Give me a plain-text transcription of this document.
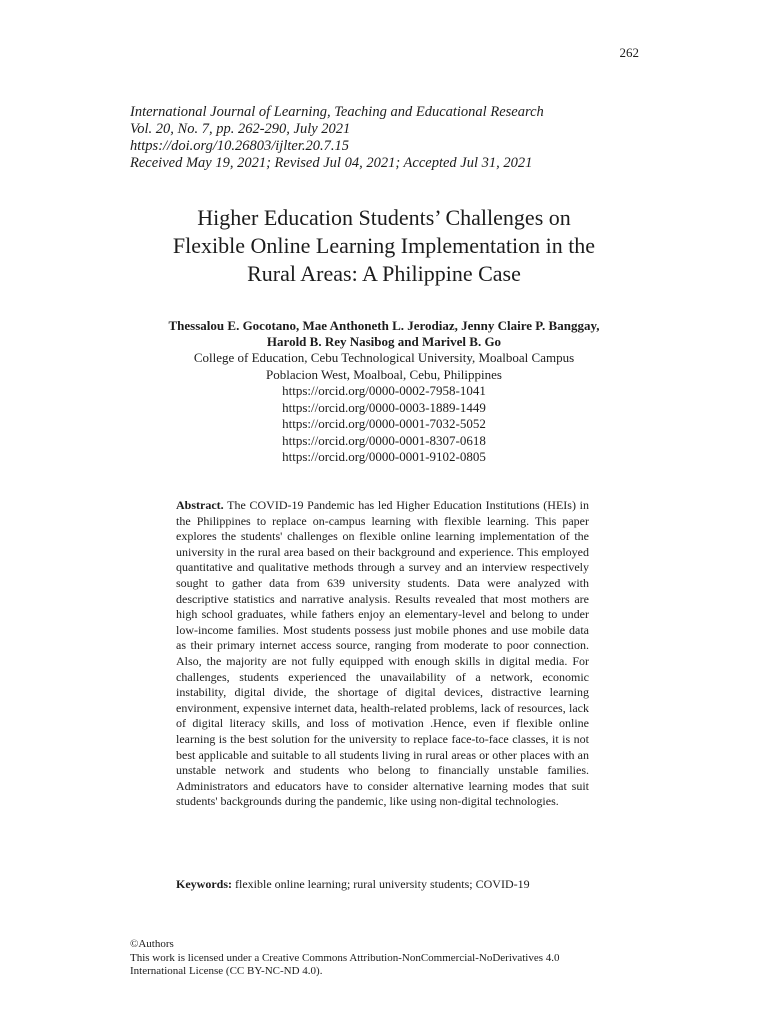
262
International Journal of Learning, Teaching and Educational Research
Vol. 20, No. 7, pp. 262-290, July 2021
https://doi.org/10.26803/ijlter.20.7.15
Received May 19, 2021; Revised Jul 04, 2021; Accepted Jul 31, 2021
Higher Education Students’ Challenges on
Flexible Online Learning Implementation in the
Rural Areas: A Philippine Case
Thessalou E. Gocotano, Mae Anthoneth L. Jerodiaz, Jenny Claire P. Banggay,
Harold B. Rey Nasibog and Marivel B. Go
College of Education, Cebu Technological University, Moalboal Campus
Poblacion West, Moalboal, Cebu, Philippines
https://orcid.org/0000-0002-7958-1041
https://orcid.org/0000-0003-1889-1449
https://orcid.org/0000-0001-7032-5052
https://orcid.org/0000-0001-8307-0618
https://orcid.org/0000-0001-9102-0805
Abstract. The COVID-19 Pandemic has led Higher Education Institutions (HEIs) in the Philippines to replace on-campus learning with flexible learning. This paper explores the students' challenges on flexible online learning implementation of the university in the rural area based on their background and experience. This employed quantitative and qualitative methods through a survey and an interview respectively sought to gather data from 639 university students. Data were analyzed with descriptive statistics and narrative analysis. Results revealed that most mothers are high school graduates, while fathers enjoy an elementary-level and belong to under low-income families. Most students possess just mobile phones and use mobile data as their primary internet access source, ranging from moderate to poor connection. Also, the majority are not fully equipped with enough skills in digital media. For challenges, students experienced the unavailability of a network, economic instability, digital divide, the shortage of digital devices, distractive learning environment, expensive internet data, health-related problems, lack of resources, lack of digital literacy skills, and loss of motivation .Hence, even if flexible online learning is the best solution for the university to replace face-to-face classes, it is not best applicable and suitable to all students living in rural areas or other places with an unstable network and students who belong to financially unstable families. Administrators and educators have to consider alternative learning modes that suit students' backgrounds during the pandemic, like using non-digital technologies.
Keywords: flexible online learning; rural university students; COVID-19
©Authors
This work is licensed under a Creative Commons Attribution-NonCommercial-NoDerivatives 4.0
International License (CC BY-NC-ND 4.0).
